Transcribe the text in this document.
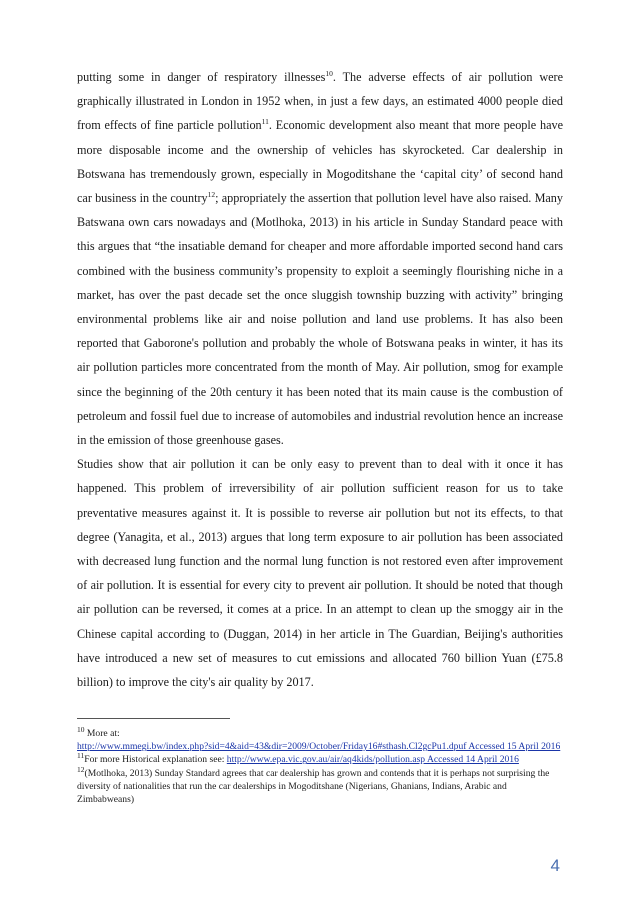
putting some in danger of respiratory illnesses$^{10}$. The adverse effects of air pollution were graphically illustrated in London in 1952 when, in just a few days, an estimated 4000 people died from effects of fine particle pollution$^{11}$. Economic development also meant that more people have more disposable income and the ownership of vehicles has skyrocketed. Car dealership in Botswana has tremendously grown, especially in Mogoditshane the ‘capital city’ of second hand car business in the country$^{12}$; appropriately the assertion that pollution level have also raised. Many Batswana own cars nowadays and (Motlhoka, 2013) in his article in Sunday Standard peace with this argues that “the insatiable demand for cheaper and more affordable imported second hand cars combined with the business community’s propensity to exploit a seemingly flourishing niche in a market, has over the past decade set the once sluggish township buzzing with activity” bringing environmental problems like air and noise pollution and land use problems. It has also been reported that Gaborone's pollution and probably the whole of Botswana peaks in winter, it has its air pollution particles more concentrated from the month of May. Air pollution, smog for example since the beginning of the 20th century it has been noted that its main cause is the combustion of petroleum and fossil fuel due to increase of automobiles and industrial revolution hence an increase in the emission of those greenhouse gases.

Studies show that air pollution it can be only easy to prevent than to deal with it once it has happened. This problem of irreversibility of air pollution sufficient reason for us to take preventative measures against it. It is possible to reverse air pollution but not its effects, to that degree (Yanagita, et al., 2013) argues that long term exposure to air pollution has been associated with decreased lung function and the normal lung function is not restored even after improvement of air pollution. It is essential for every city to prevent air pollution. It should be noted that though air pollution can be reversed, it comes at a price. In an attempt to clean up the smoggy air in the Chinese capital according to (Duggan, 2014) in her article in The Guardian, Beijing's authorities have introduced a new set of measures to cut emissions and allocated 760 billion Yuan (£75.8 billion) to improve the city's air quality by 2017.

$^{10}$ More at:
http://www.mmegi.bw/index.php?sid=4&aid=43&dir=2009/October/Friday16#sthash.Cl2gcPu1.dpuf Accessed 15 April 2016

$^{11}$For more Historical explanation see: http://www.epa.vic.gov.au/air/aq4kids/pollution.asp Accessed 14 April 2016

$^{12}$(Motlhoka, 2013) Sunday Standard agrees that car dealership has grown and contends that it is perhaps not surprising the diversity of nationalities that run the car dealerships in Mogoditshane (Nigerians, Ghanians, Indians, Arabic and Zimbabweans)

4
